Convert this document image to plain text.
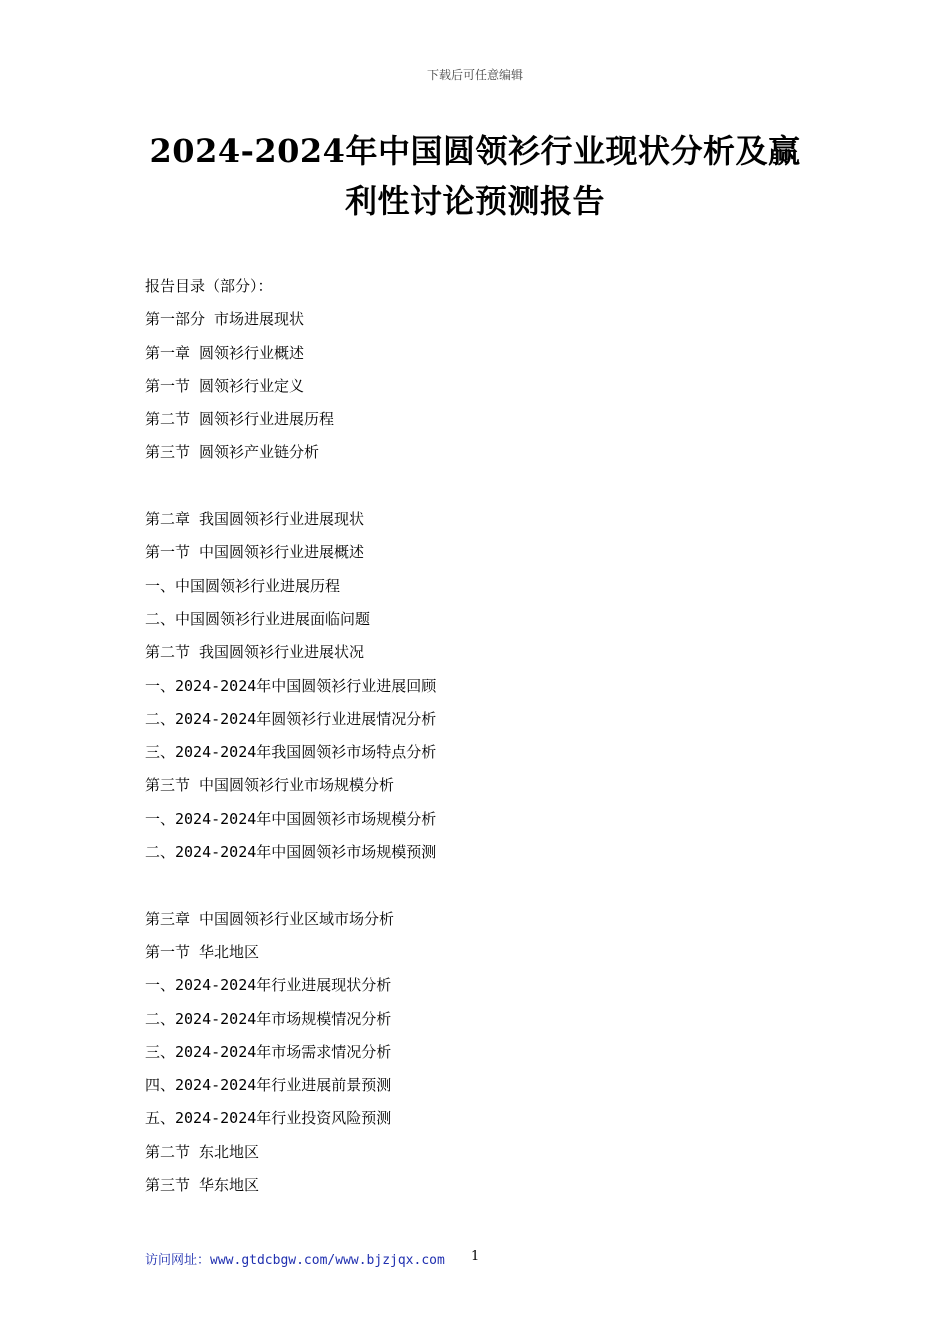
下载后可任意编辑
2024-2024年中国圆领衫行业现状分析及赢
利性讨论预测报告
报告目录（部分）：
第一部分 市场进展现状
第一章 圆领衫行业概述
第一节 圆领衫行业定义
第二节 圆领衫行业进展历程
第三节 圆领衫产业链分析
第二章 我国圆领衫行业进展现状
第一节 中国圆领衫行业进展概述
一、中国圆领衫行业进展历程
二、中国圆领衫行业进展面临问题
第二节 我国圆领衫行业进展状况
一、2024-2024年中国圆领衫行业进展回顾
二、2024-2024年圆领衫行业进展情况分析
三、2024-2024年我国圆领衫市场特点分析
第三节 中国圆领衫行业市场规模分析
一、2024-2024年中国圆领衫市场规模分析
二、2024-2024年中国圆领衫市场规模预测
第三章 中国圆领衫行业区域市场分析
第一节 华北地区
一、2024-2024年行业进展现状分析
二、2024-2024年市场规模情况分析
三、2024-2024年市场需求情况分析
四、2024-2024年行业进展前景预测
五、2024-2024年行业投资风险预测
第二节 东北地区
第三节 华东地区
访问网址：www.gtdcbgw.com/www.bjzjqx.com 1
